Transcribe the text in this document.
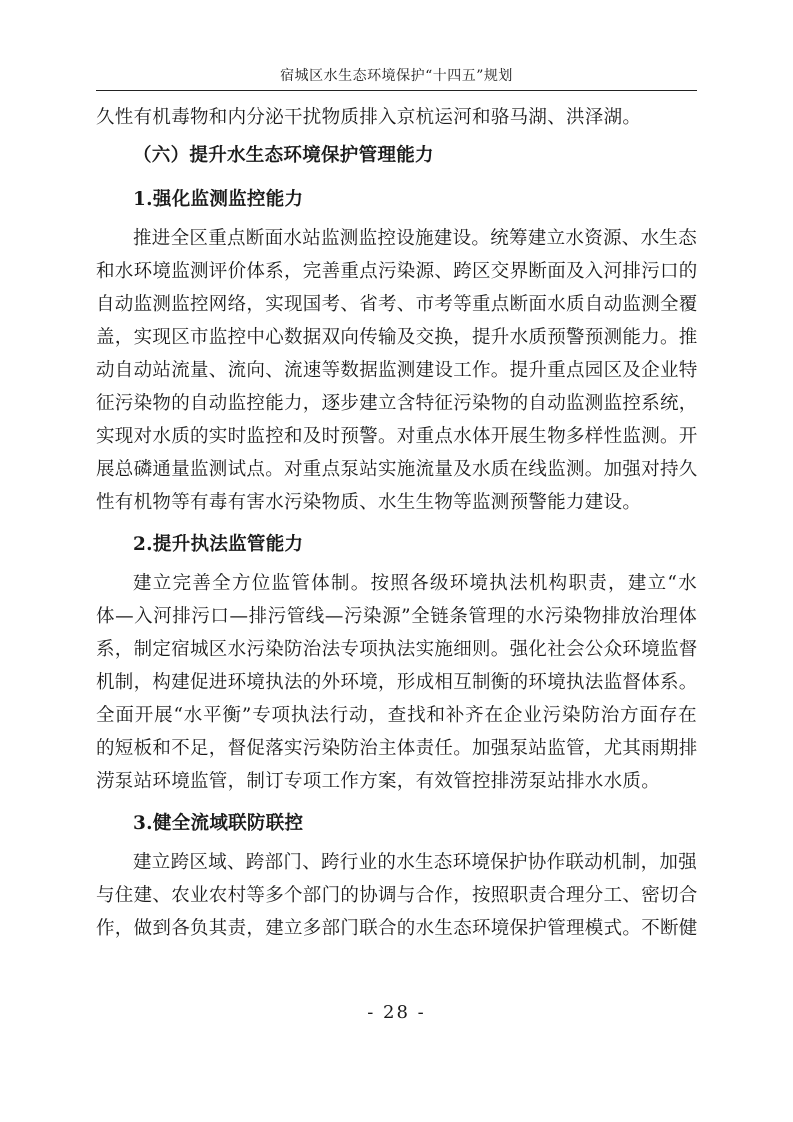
宿城区水生态环境保护“十四五”规划
久性有机毒物和内分泌干扰物质排入京杭运河和骆马湖、洪泽湖。
（六）提升水生态环境保护管理能力
1.强化监测监控能力
推进全区重点断面水站监测监控设施建设。统筹建立水资源、水生态
和水环境监测评价体系，完善重点污染源、跨区交界断面及入河排污口的
自动监测监控网络，实现国考、省考、市考等重点断面水质自动监测全覆
盖，实现区市监控中心数据双向传输及交换，提升水质预警预测能力。推
动自动站流量、流向、流速等数据监测建设工作。提升重点园区及企业特
征污染物的自动监控能力，逐步建立含特征污染物的自动监测监控系统，
实现对水质的实时监控和及时预警。对重点水体开展生物多样性监测。开
展总磷通量监测试点。对重点泵站实施流量及水质在线监测。加强对持久
性有机物等有毒有害水污染物质、水生生物等监测预警能力建设。
2.提升执法监管能力
建立完善全方位监管体制。按照各级环境执法机构职责，建立“水
体—入河排污口—排污管线—污染源”全链条管理的水污染物排放治理体
系，制定宿城区水污染防治法专项执法实施细则。强化社会公众环境监督
机制，构建促进环境执法的外环境，形成相互制衡的环境执法监督体系。
全面开展“水平衡”专项执法行动，查找和补齐在企业污染防治方面存在
的短板和不足，督促落实污染防治主体责任。加强泵站监管，尤其雨期排
涝泵站环境监管，制订专项工作方案，有效管控排涝泵站排水水质。
3.健全流域联防联控
建立跨区域、跨部门、跨行业的水生态环境保护协作联动机制，加强
与住建、农业农村等多个部门的协调与合作，按照职责合理分工、密切合
作，做到各负其责，建立多部门联合的水生态环境保护管理模式。不断健
- 28 -
